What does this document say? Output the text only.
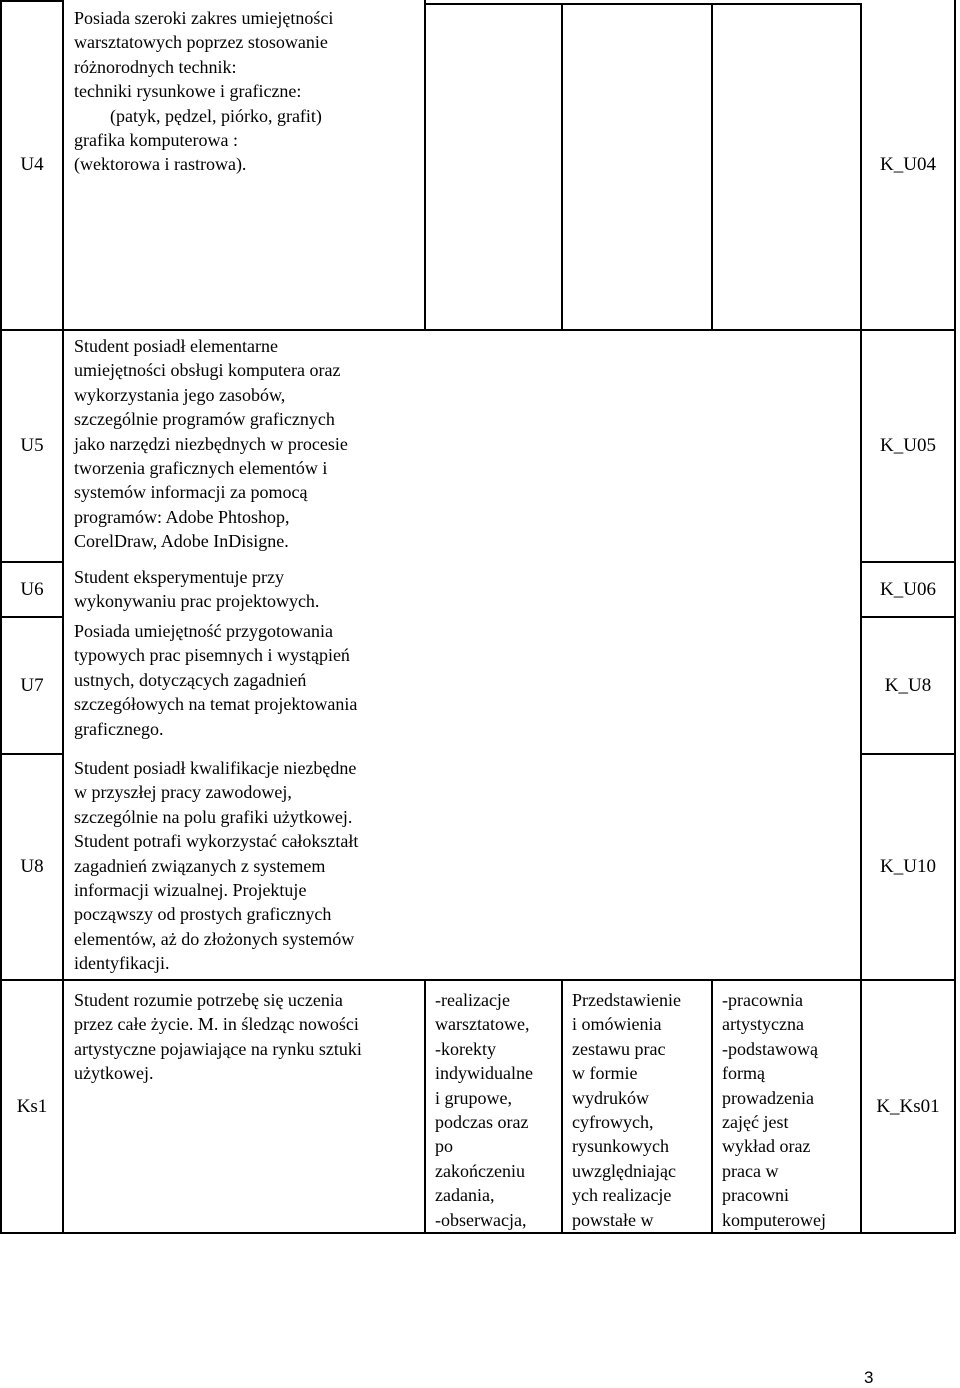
U4
Posiada szeroki zakres umiejętności
warsztatowych poprzez stosowanie
różnorodnych technik:
techniki rysunkowe i graficzne:
(patyk, pędzel, piórko, grafit)
grafika komputerowa :
(wektorowa i rastrowa).	K_U04
U5
Student posiadł elementarne
umiejętności obsługi komputera oraz
wykorzystania jego zasobów,
szczególnie programów graficznych
jako narzędzi niezbędnych w procesie
tworzenia graficznych elementów i
systemów informacji za pomocą
programów: Adobe Phtoshop,
CorelDraw, Adobe InDisigne.
K_U05
U6
Student eksperymentuje przy
wykonywaniu prac projektowych.
K_U06
U7
Posiada umiejętność przygotowania
typowych prac pisemnych i wystąpień
ustnych, dotyczących zagadnień
szczegółowych na temat projektowania
graficznego.
K_U8
U8
Student posiadł kwalifikacje niezbędne
w przyszłej pracy zawodowej,
szczególnie na polu grafiki użytkowej.
Student potrafi wykorzystać całokształt
zagadnień związanych z systemem
informacji wizualnej. Projektuje
począwszy od prostych graficznych
elementów, aż do złożonych systemów
identyfikacji.
K_U10
Ks1
Student rozumie potrzebę się uczenia
przez całe życie. M. in śledząc nowości
artystyczne pojawiające na rynku sztuki
użytkowej.
-realizacje
warsztatowe,
-korekty
indywidualne
i grupowe,
podczas oraz
po
zakończeniu
zadania,
-obserwacja,
Przedstawienie
i omówienia
zestawu prac
w formie
wydruków
cyfrowych,
rysunkowych
uwzględniając
ych realizacje
powstałe w
-pracownia
artystyczna
-podstawową
formą
prowadzenia
zajęć jest
wykład oraz
praca w
pracowni
komputerowej
K_Ks01
3
